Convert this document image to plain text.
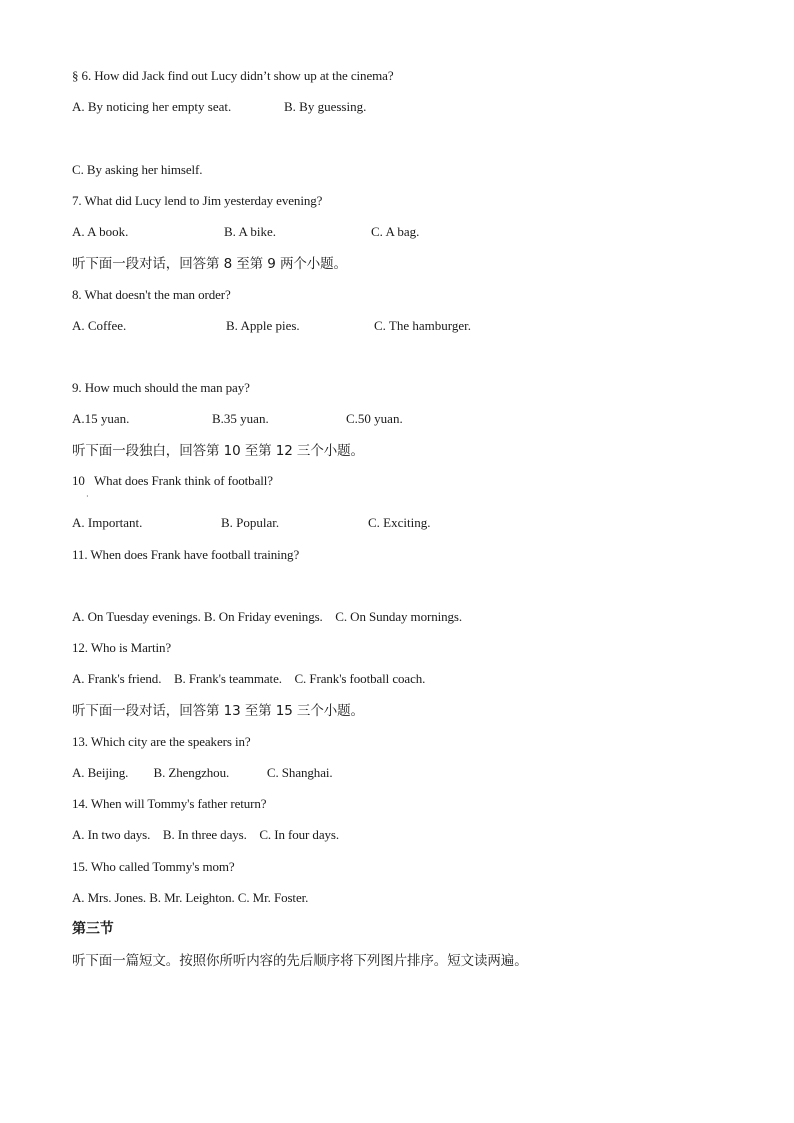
§ 6. How did Jack find out Lucy didn’t show up at the cinema?
A. By noticing her empty seat.	B. By guessing.
C. By asking her himself.
7. What did Lucy lend to Jim yesterday evening?
A. A book.	B. A bike.	C. A bag.
听下面一段对话，回答第 8 至第 9 两个小题。
8. What doesn't the man order?
A. Coffee.	B. Apple pies.	C. The hamburger.
9. How much should the man pay?
A.15 yuan.	B.35 yuan.	C.50 yuan.
听下面一段独白，回答第 10 至第 12 三个小题。
10   What does Frank think of football?
·
A. Important.	B. Popular.	C. Exciting.
11. When does Frank have football training?
A. On Tuesday evenings. B. On Friday evenings.    C. On Sunday mornings.
12. Who is Martin?
A. Frank's friend.    B. Frank's teammate.    C. Frank's football coach.
听下面一段对话，回答第 13 至第 15 三个小题。
13. Which city are the speakers in?
A. Beijing.        B. Zhengzhou.            C. Shanghai.
14. When will Tommy's father return?
A. In two days.    B. In three days.    C. In four days.
15. Who called Tommy's mom?
A. Mrs. Jones. B. Mr. Leighton. C. Mr. Foster.
第三节
听下面一篇短文。按照你所听内容的先后顺序将下列图片排序。短文读两遍。
